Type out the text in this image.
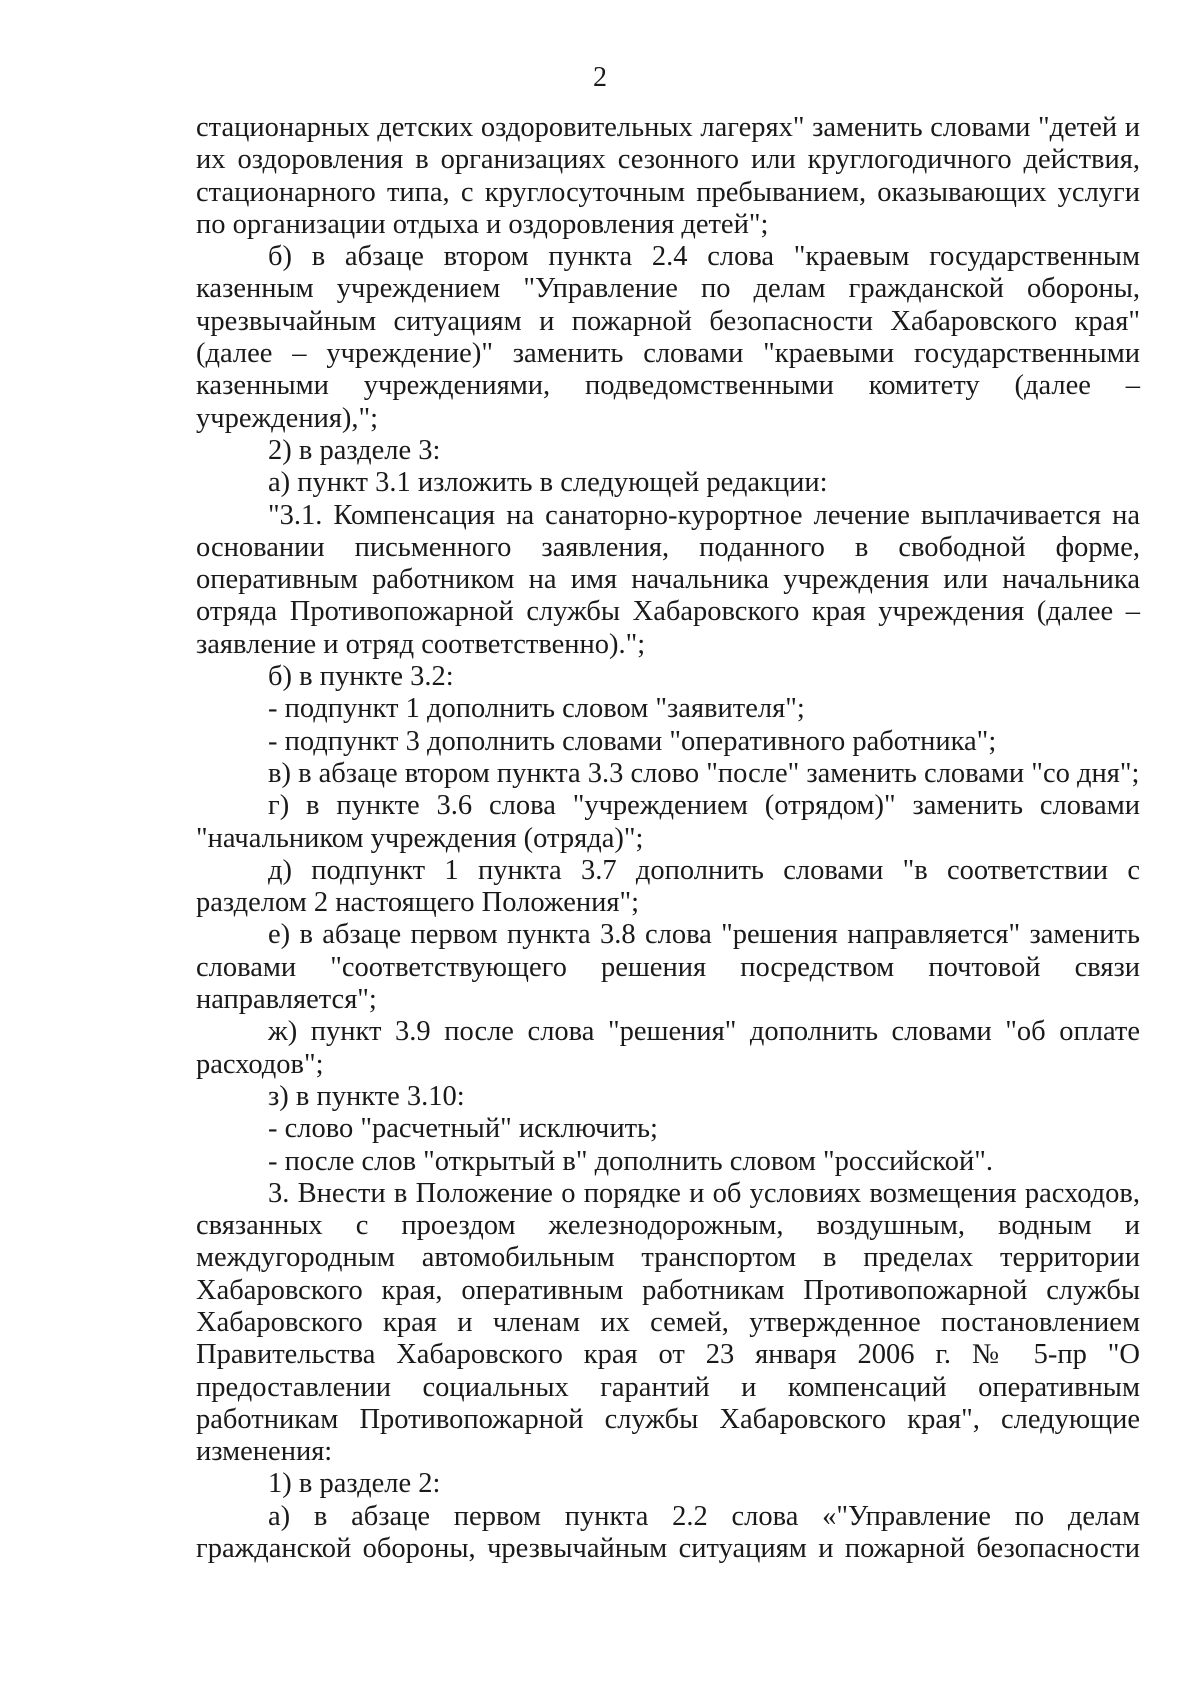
2

стационарных детских оздоровительных лагерях" заменить словами "детей и их оздоровления в организациях сезонного или круглогодичного действия, стационарного типа, с круглосуточным пребыванием, оказывающих услуги по организации отдыха и оздоровления детей";

б) в абзаце втором пункта 2.4 слова "краевым государственным казенным учреждением "Управление по делам гражданской обороны, чрезвычайным ситуациям и пожарной безопасности Хабаровского края" (далее – учреждение)" заменить словами "краевыми государственными казенными учреждениями, подведомственными комитету (далее – учреждения),";

2) в разделе 3:

а) пункт 3.1 изложить в следующей редакции:

"3.1. Компенсация на санаторно-курортное лечение выплачивается на основании письменного заявления, поданного в свободной форме, оперативным работником на имя начальника учреждения или начальника отряда Противопожарной службы Хабаровского края учреждения (далее – заявление и отряд соответственно).";

б) в пункте 3.2:

- подпункт 1 дополнить словом "заявителя";

- подпункт 3 дополнить словами "оперативного работника";

в) в абзаце втором пункта 3.3 слово "после" заменить словами "со дня";

г) в пункте 3.6 слова "учреждением (отрядом)" заменить словами "начальником учреждения (отряда)";

д) подпункт 1 пункта 3.7 дополнить словами "в соответствии с разделом 2 настоящего Положения";

е) в абзаце первом пункта 3.8 слова "решения направляется" заменить словами "соответствующего решения посредством почтовой связи направляется";

ж) пункт 3.9 после слова "решения" дополнить словами "об оплате расходов";

з) в пункте 3.10:

- слово "расчетный" исключить;

- после слов "открытый в" дополнить словом "российской".

3. Внести в Положение о порядке и об условиях возмещения расходов, связанных с проездом железнодорожным, воздушным, водным и междугородным автомобильным транспортом в пределах территории Хабаровского края, оперативным работникам Противопожарной службы Хабаровского края и членам их семей, утвержденное постановлением Правительства Хабаровского края от 23 января 2006 г. № 5-пр "О предоставлении социальных гарантий и компенсаций оперативным работникам Противопожарной службы Хабаровского края", следующие изменения:

1) в разделе 2:

а) в абзаце первом пункта 2.2 слова «"Управление по делам гражданской обороны, чрезвычайным ситуациям и пожарной безопасности
